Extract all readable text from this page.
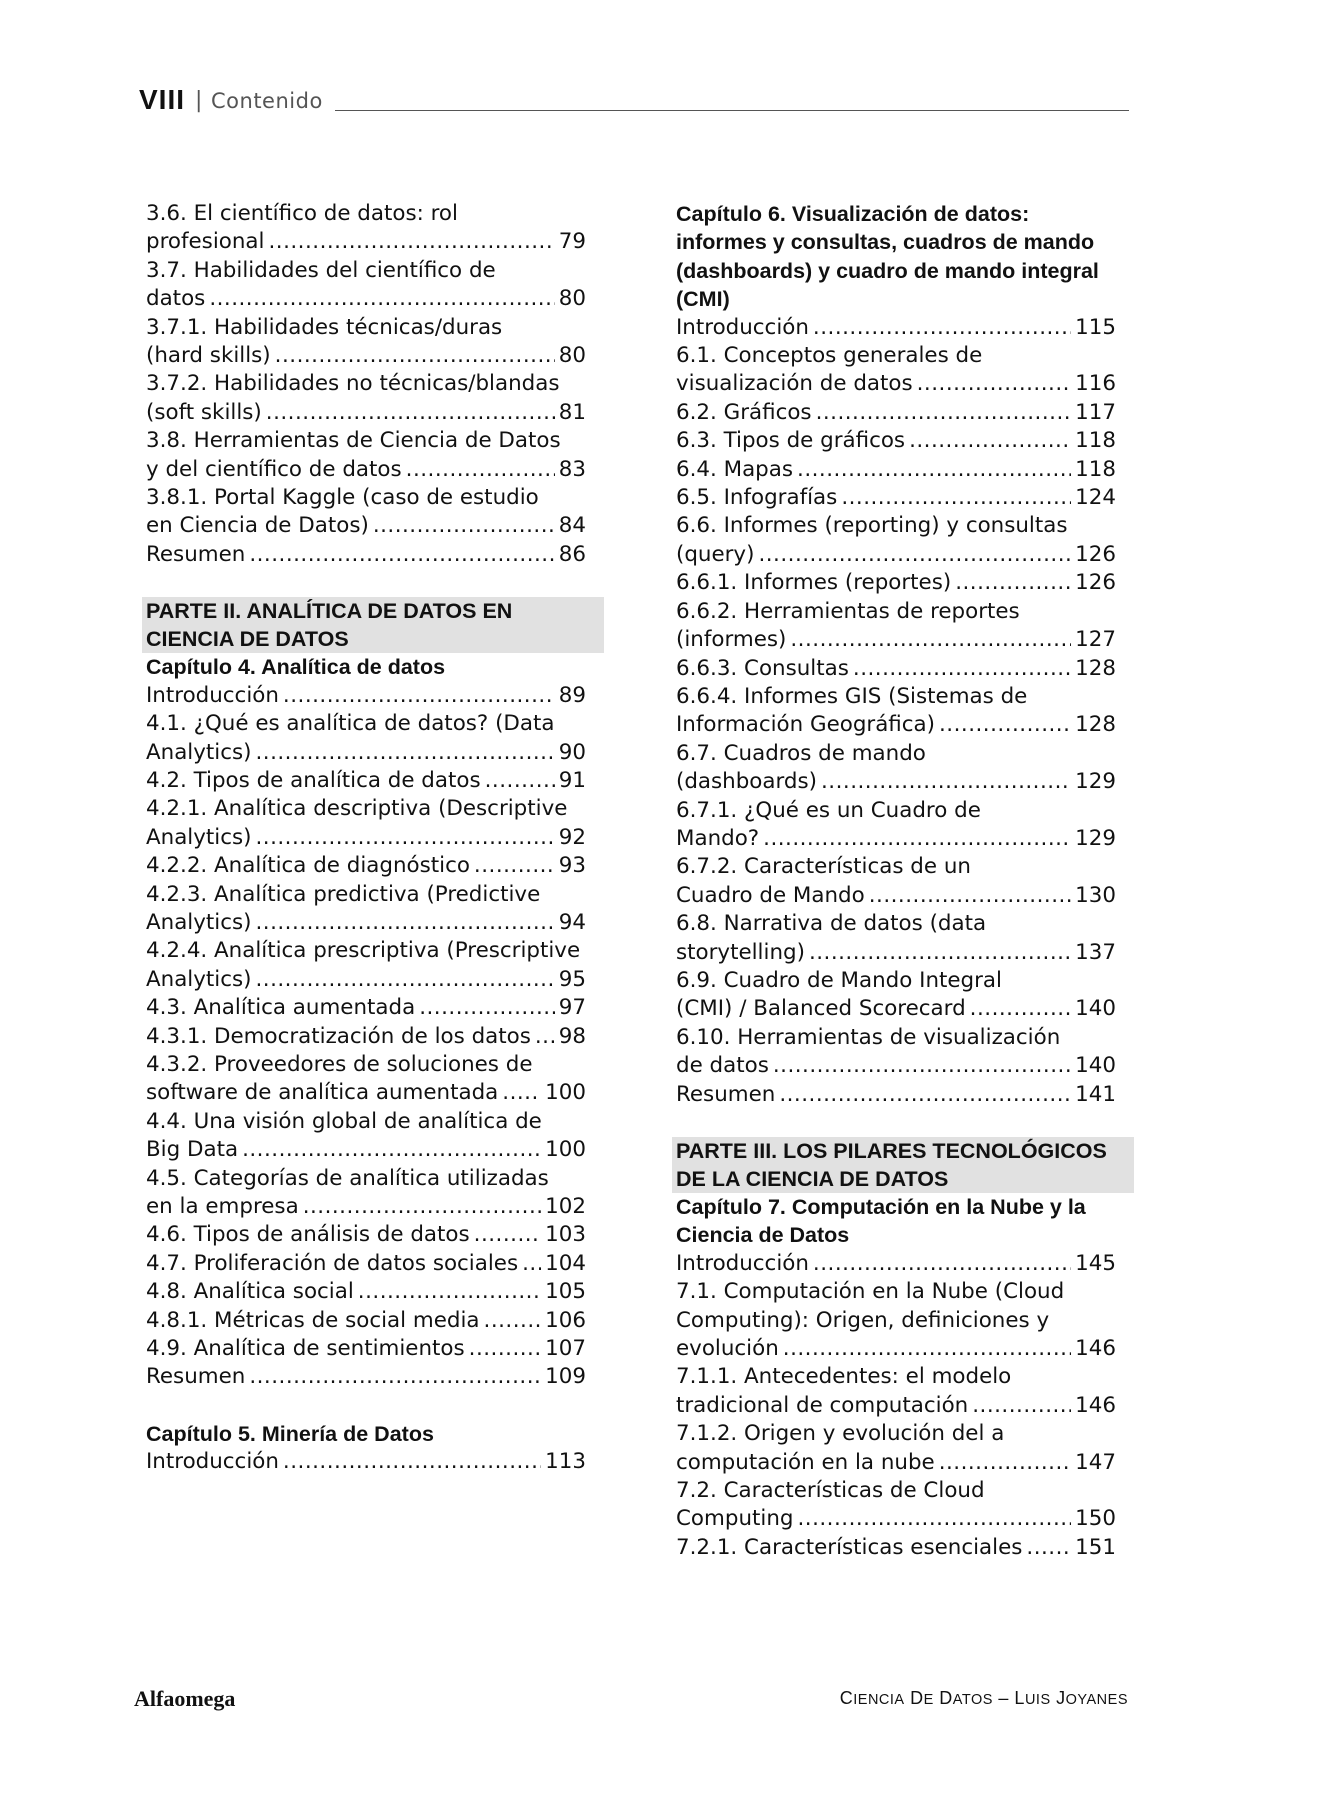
VIII | Contenido
3.6. El científico de datos: rol
profesional .....	79
3.7. Habilidades del científico de
datos .....	80
3.7.1. Habilidades técnicas/duras
(hard skills) .....	80
3.7.2. Habilidades no técnicas/blandas
(soft skills) .....	81
3.8. Herramientas de Ciencia de Datos
y del científico de datos .....	83
3.8.1. Portal Kaggle (caso de estudio
en Ciencia de Datos) .....	84
Resumen .....	86
PARTE II. ANALÍTICA DE DATOS EN
CIENCIA DE DATOS
Capítulo 4. Analítica de datos
Introducción .....	89
4.1. ¿Qué es analítica de datos? (Data
Analytics) .....	90
4.2. Tipos de analítica de datos .....	91
4.2.1. Analítica descriptiva (Descriptive
Analytics) .....	92
4.2.2. Analítica de diagnóstico .....	93
4.2.3. Analítica predictiva (Predictive
Analytics) .....	94
4.2.4. Analítica prescriptiva (Prescriptive
Analytics) .....	95
4.3. Analítica aumentada .....	97
4.3.1. Democratización de los datos ..... 98
4.3.2. Proveedores de soluciones de
software de analítica aumentada ..... 100
4.4. Una visión global de analítica de
Big Data .....	100
4.5. Categorías de analítica utilizadas
en la empresa .....	102
4.6. Tipos de análisis de datos .....	103
4.7. Proliferación de datos sociales ..... 104
4.8. Analítica social .....	105
4.8.1. Métricas de social media .....	106
4.9. Analítica de sentimientos .....	107
Resumen .....	109
Capítulo 5. Minería de Datos
Introducción .....	113
Capítulo 6. Visualización de datos:
informes y consultas, cuadros de mando
(dashboards) y cuadro de mando integral
(CMI)
Introducción .....	115
6.1. Conceptos generales de
visualización de datos .....	116
6.2. Gráficos .....	117
6.3. Tipos de gráficos .....	118
6.4. Mapas .....	118
6.5. Infografías .....	124
6.6. Informes (reporting) y consultas
(query) .....	126
6.6.1. Informes (reportes) .....	126
6.6.2. Herramientas de reportes
(informes) .....	127
6.6.3. Consultas .....	128
6.6.4. Informes GIS (Sistemas de
Información Geográfica) .....	128
6.7. Cuadros de mando
(dashboards) .....	129
6.7.1. ¿Qué es un Cuadro de
Mando? .....	129
6.7.2. Características de un
Cuadro de Mando .....	130
6.8. Narrativa de datos (data
storytelling) .....	137
6.9. Cuadro de Mando Integral
(CMI) / Balanced Scorecard .....	140
6.10. Herramientas de visualización
de datos .....	140
Resumen .....	141
PARTE III. LOS PILARES TECNOLÓGICOS
DE LA CIENCIA DE DATOS
Capítulo 7. Computación en la Nube y la
Ciencia de Datos
Introducción .....	145
7.1. Computación en la Nube (Cloud
Computing): Origen, definiciones y
evolución .....	146
7.1.1. Antecedentes: el modelo
tradicional de computación .....	146
7.1.2. Origen y evolución del a
computación en la nube .....	147
7.2. Características de Cloud
Computing .....	150
7.2.1. Características esenciales ..... 151
Alfaomega	CIENCIA DE DATOS – LUIS JOYANES
